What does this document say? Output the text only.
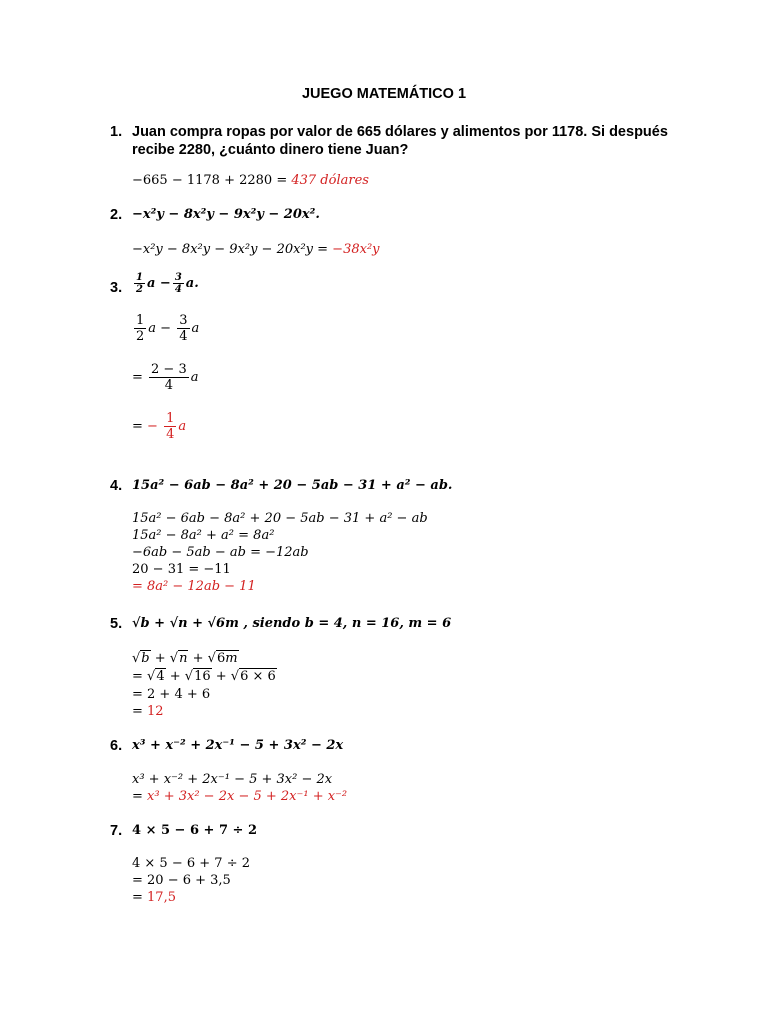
JUEGO MATEMÁTICO 1
1. Juan compra ropas por valor de 665 dólares y alimentos por 1178. Si después recibe 2280, ¿cuánto dinero tiene Juan?
−665 − 1178 + 2280 = 437 dólares
2. −x²y − 8x²y − 9x²y − 20x².
−x²y − 8x²y − 9x²y − 20x²y = −38x²y
3. $\frac{1}{2}$ $a - \frac{3}{4} a$.
$\frac{1}{2}$ $a - \frac{3}{4}$ a
= $\frac{2 - 3}{4}$ a
= − $\frac{1}{4}$ a
4. 15a² − 6ab − 8a² + 20 − 5ab − 31 + a² − ab.
15a² − 6ab − 8a² + 20 − 5ab − 31 + a² − ab
15a² − 8a² + a² = 8a²
−6ab − 5ab − ab = −12ab
20 − 31 = −11
= 8a² − 12ab − 11
5. √b + √n + √6m , siendo b = 4, n = 16, m = 6
√b + √n + √6m
= √4 + √16 + √6 × 6
= 2 + 4 + 6
= 12
6. x³ + x⁻² + 2x⁻¹ − 5 + 3x² − 2x
x³ + x⁻² + 2x⁻¹ − 5 + 3x² − 2x
= x³ + 3x² − 2x − 5 + 2x⁻¹ + x⁻²
7. 4 × 5 − 6 + 7 ÷ 2
4 × 5 − 6 + 7 ÷ 2
= 20 − 6 + 3,5
= 17,5
